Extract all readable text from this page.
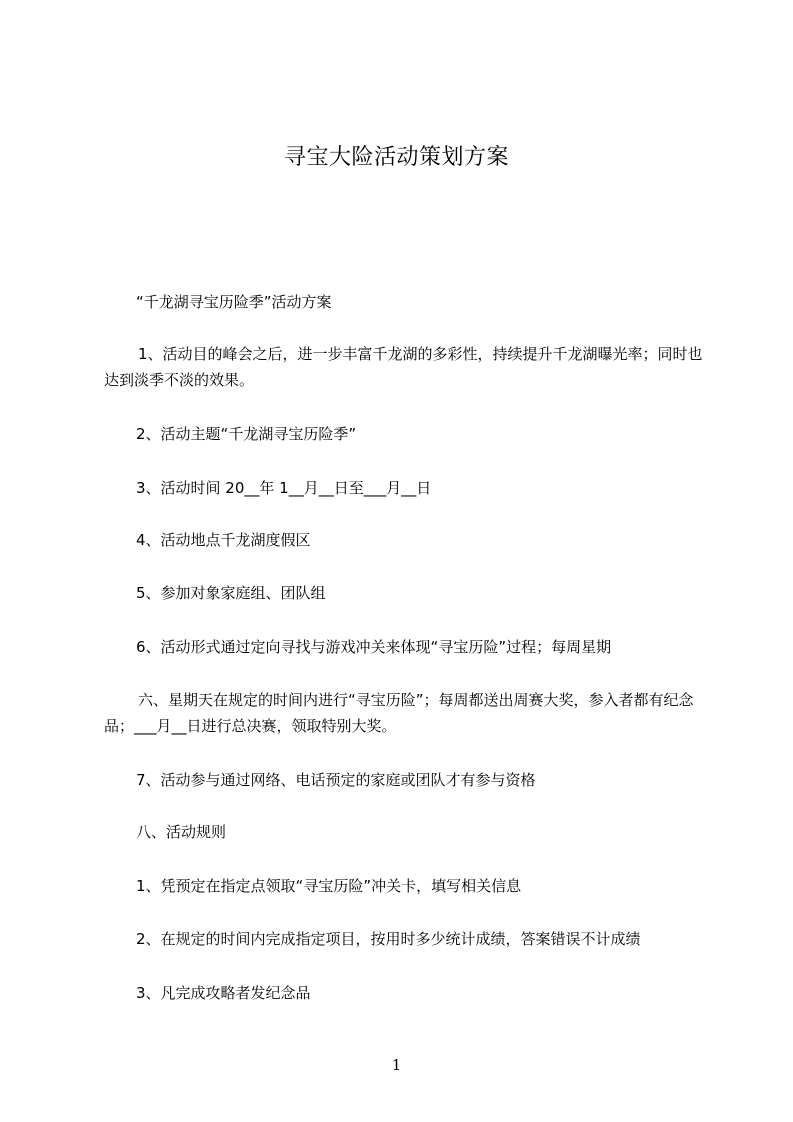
寻宝大险活动策划方案

“千龙湖寻宝历险季”活动方案

1、活动目的峰会之后，进一步丰富千龙湖的多彩性，持续提升千龙湖曝光率；同时也达到淡季不淡的效果。

2、活动主题“千龙湖寻宝历险季”

3、活动时间 20__年 1__月__日至___月__日

4、活动地点千龙湖度假区

5、参加对象家庭组、团队组

6、活动形式通过定向寻找与游戏冲关来体现“寻宝历险”过程；每周星期

六、星期天在规定的时间内进行“寻宝历险”；每周都送出周赛大奖，参入者都有纪念品；___月__日进行总决赛，领取特别大奖。

7、活动参与通过网络、电话预定的家庭或团队才有参与资格

八、活动规则

1、凭预定在指定点领取“寻宝历险”冲关卡，填写相关信息

2、在规定的时间内完成指定项目，按用时多少统计成绩，答案错误不计成绩

3、凡完成攻略者发纪念品

1
